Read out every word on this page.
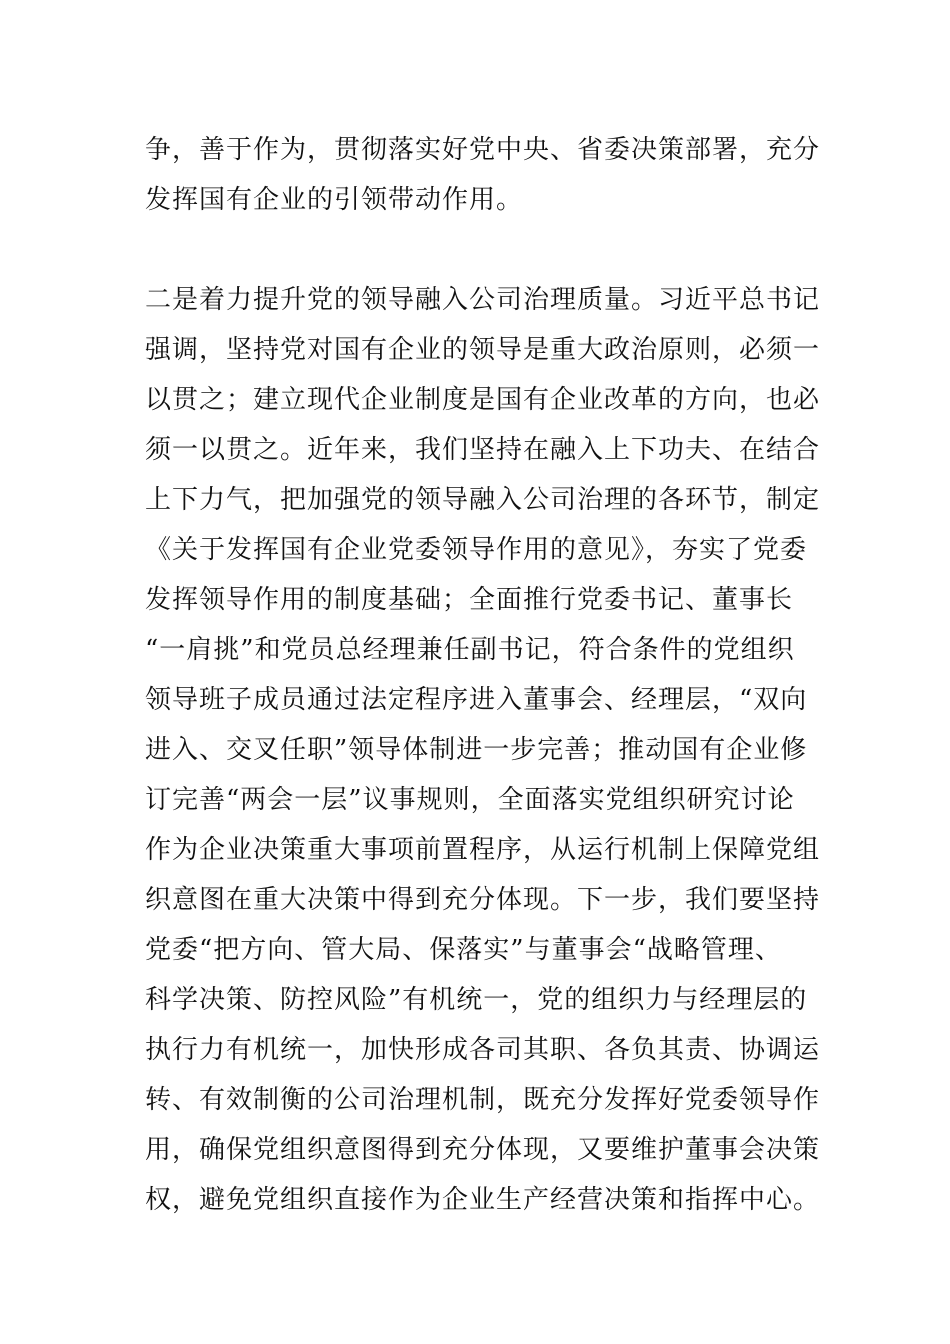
争，善于作为，贯彻落实好党中央、省委决策部署，充分
发挥国有企业的引领带动作用。
二是着力提升党的领导融入公司治理质量。习近平总书记
强调，坚持党对国有企业的领导是重大政治原则，必须一
以贯之；建立现代企业制度是国有企业改革的方向，也必
须一以贯之。近年来，我们坚持在融入上下功夫、在结合
上下力气，把加强党的领导融入公司治理的各环节，制定
《关于发挥国有企业党委领导作用的意见》，夯实了党委
发挥领导作用的制度基础；全面推行党委书记、董事长
“一肩挑”和党员总经理兼任副书记，符合条件的党组织
领导班子成员通过法定程序进入董事会、经理层，“双向
进入、交叉任职”领导体制进一步完善；推动国有企业修
订完善“两会一层”议事规则，全面落实党组织研究讨论
作为企业决策重大事项前置程序，从运行机制上保障党组
织意图在重大决策中得到充分体现。下一步，我们要坚持
党委“把方向、管大局、保落实”与董事会“战略管理、
科学决策、防控风险”有机统一，党的组织力与经理层的
执行力有机统一，加快形成各司其职、各负其责、协调运
转、有效制衡的公司治理机制，既充分发挥好党委领导作
用，确保党组织意图得到充分体现，又要维护董事会决策
权，避免党组织直接作为企业生产经营决策和指挥中心。
